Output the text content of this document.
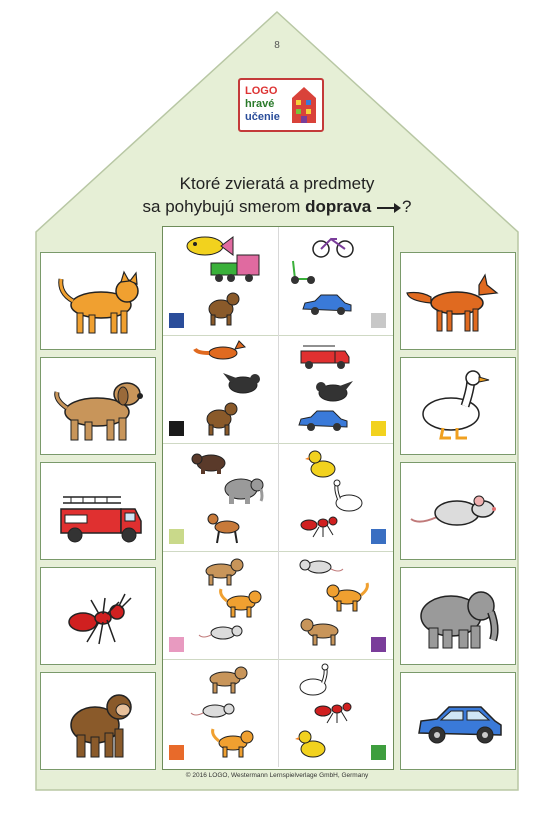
8
LOGO
hravé
učenie
Ktoré zvieratá a predmety
sa pohybujú smerom doprava ?
© 2016 LOGO, Westermann Lernspielverlage GmbH, Germany
